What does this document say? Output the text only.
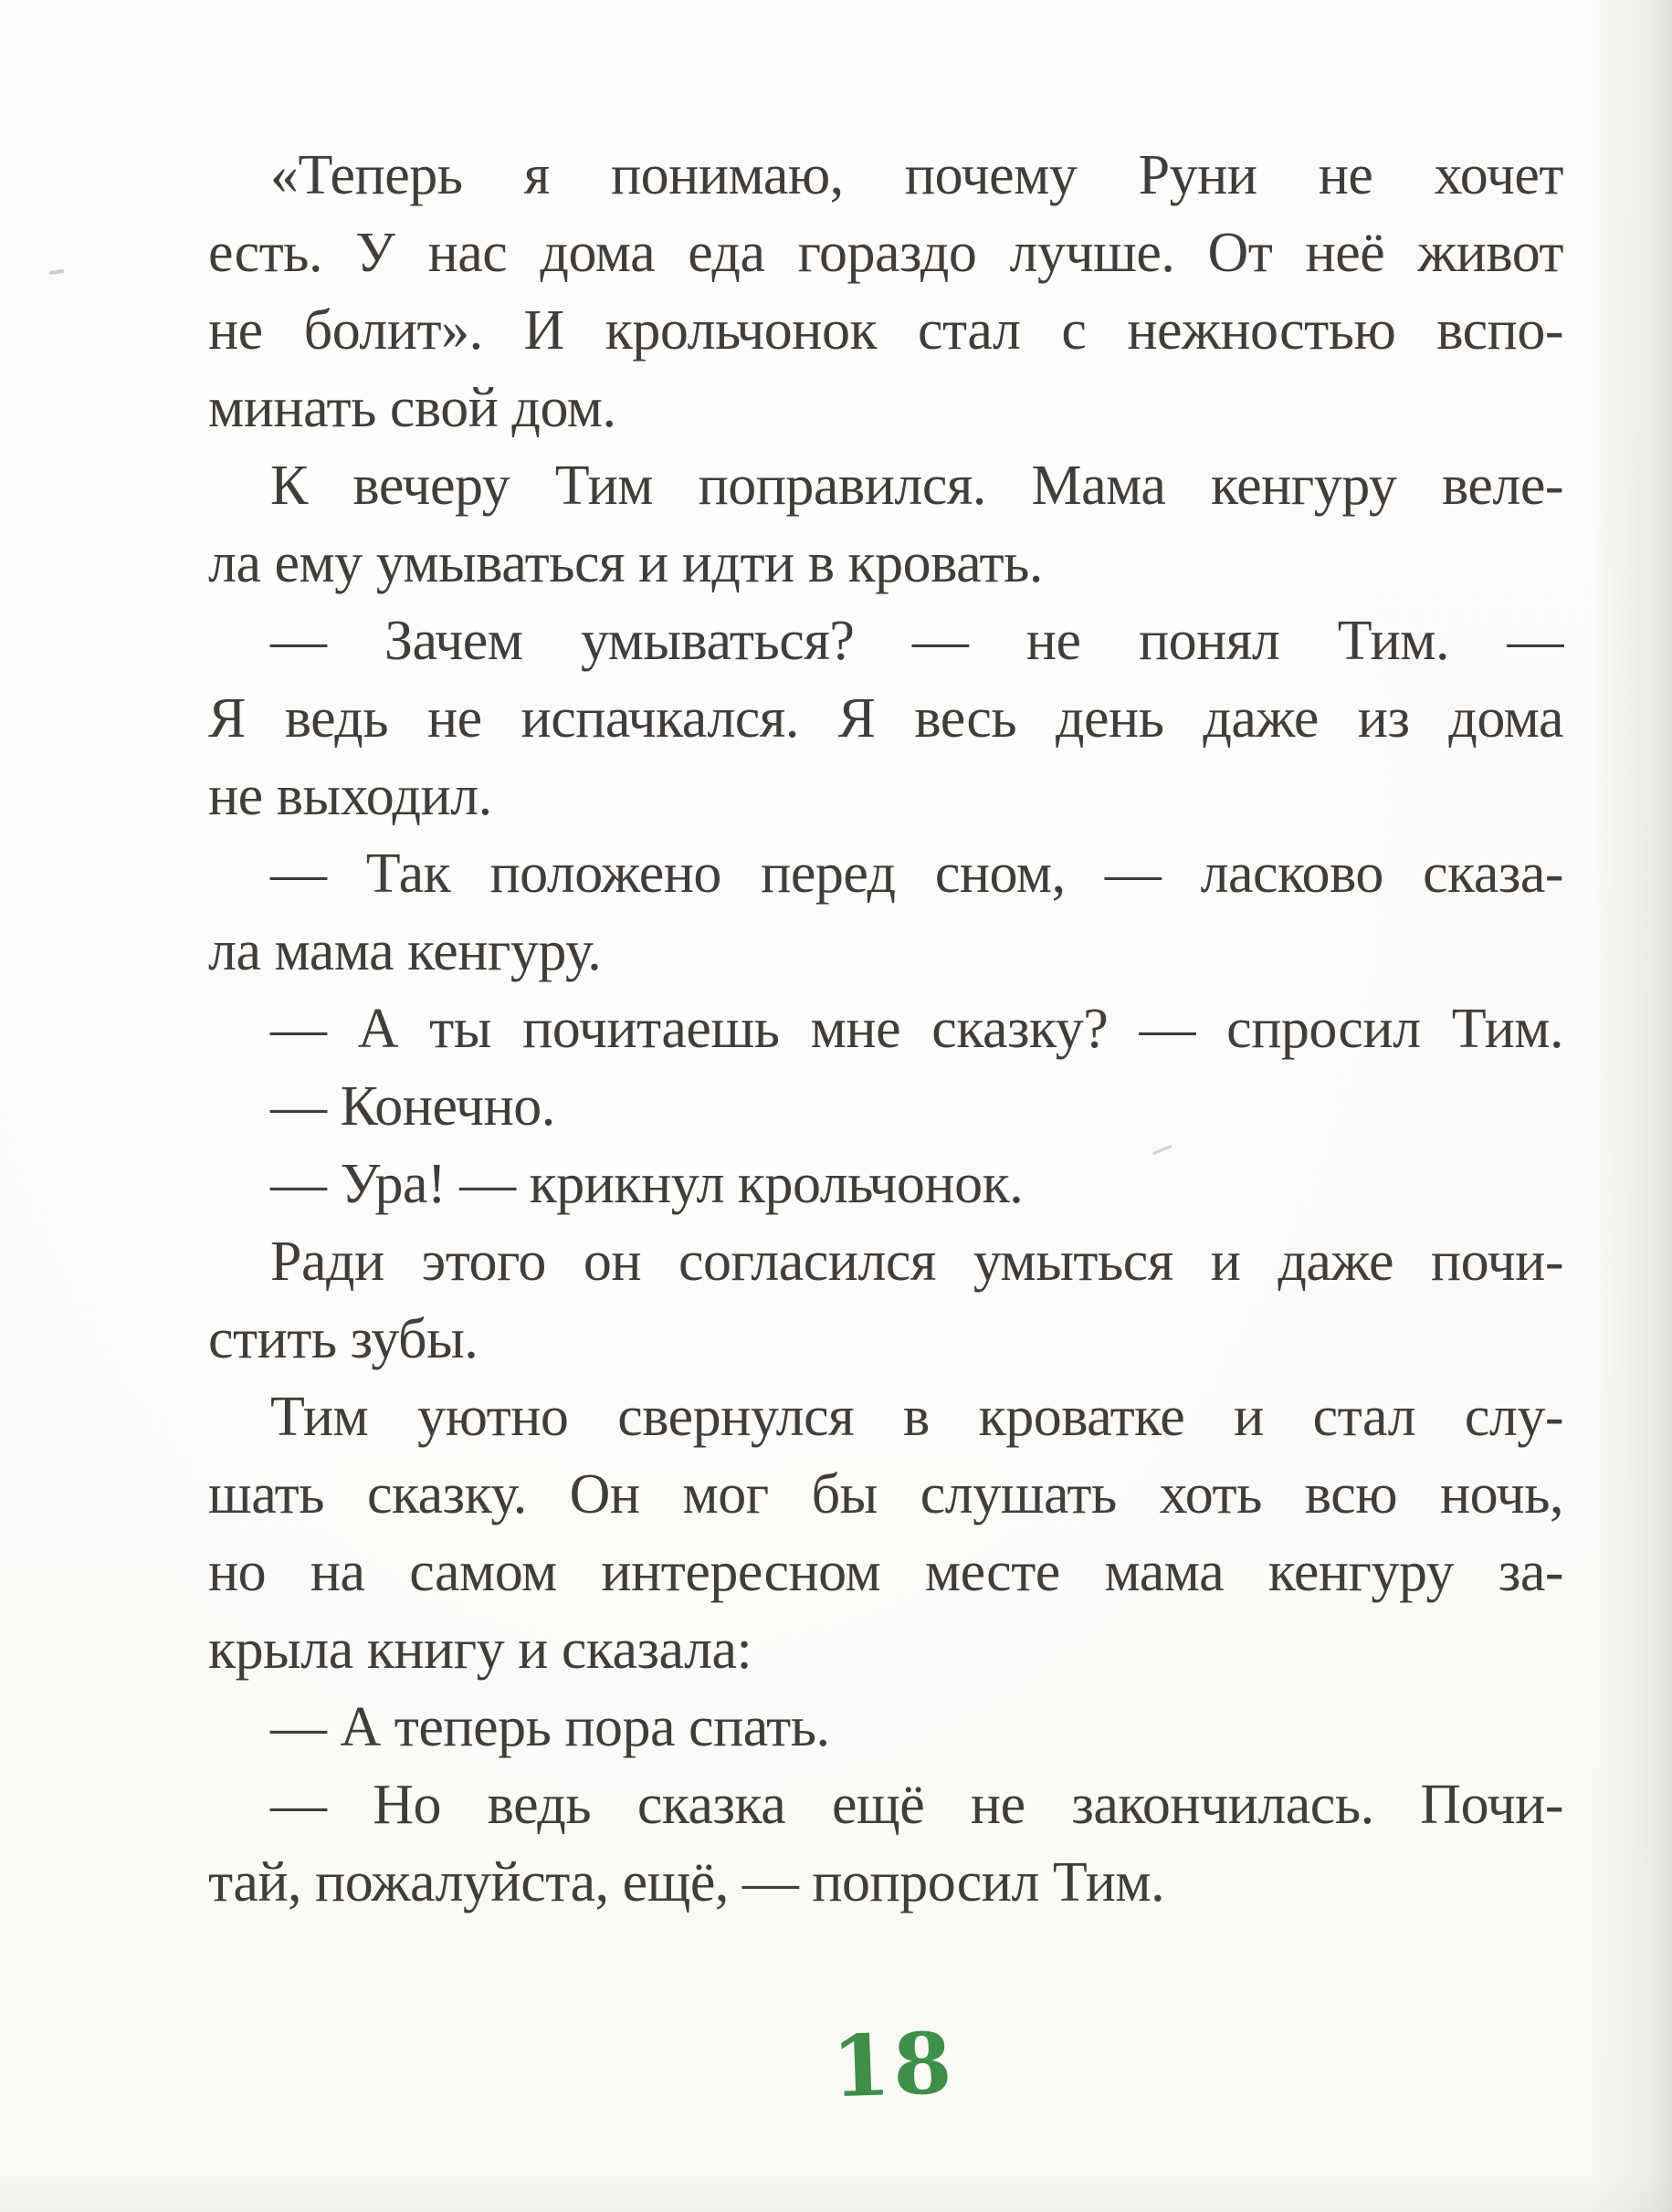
«Теперь я понимаю, почему Руни не хочет
есть. У нас дома еда гораздо лучше. От неё живот
не болит». И крольчонок стал с нежностью вспо-
минать свой дом.
К вечеру Тим поправился. Мама кенгуру веле-
ла ему умываться и идти в кровать.
— Зачем умываться? — не понял Тим. —
Я ведь не испачкался. Я весь день даже из дома
не выходил.
— Так положено перед сном, — ласково сказа-
ла мама кенгуру.
— А ты почитаешь мне сказку? — спросил Тим.
— Конечно.
— Ура! — крикнул крольчонок.
Ради этого он согласился умыться и даже почи-
стить зубы.
Тим уютно свернулся в кроватке и стал слу-
шать сказку. Он мог бы слушать хоть всю ночь,
но на самом интересном месте мама кенгуру за-
крыла книгу и сказала:
— А теперь пора спать.
— Но ведь сказка ещё не закончилась. Почи-
тай, пожалуйста, ещё, — попросил Тим.
18
